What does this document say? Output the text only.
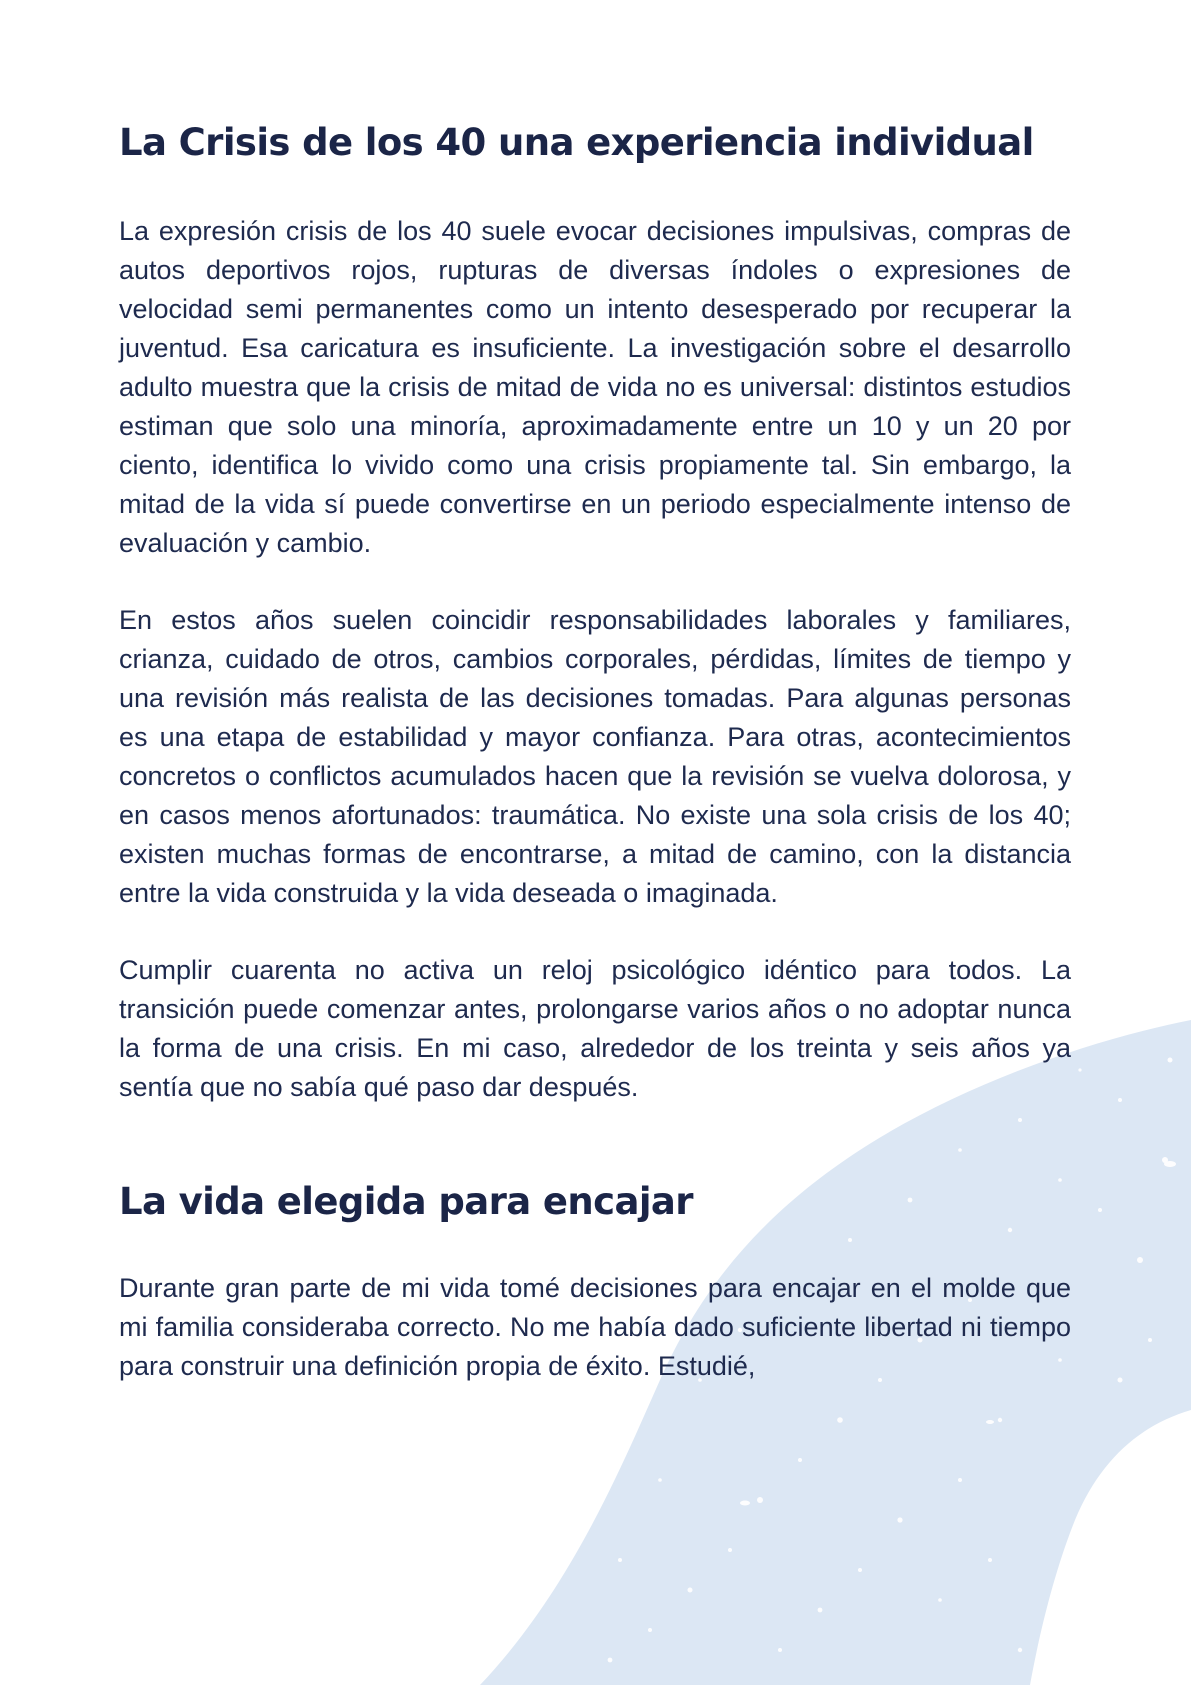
La Crisis de los 40 una experiencia individual

La expresión crisis de los 40 suele evocar decisiones impulsivas, compras de autos deportivos rojos, rupturas de diversas índoles o expresiones de velocidad semi permanentes como un intento desesperado por recuperar la juventud. Esa caricatura es insuficiente. La investigación sobre el desarrollo adulto muestra que la crisis de mitad de vida no es universal: distintos estudios estiman que solo una minoría, aproximadamente entre un 10 y un 20 por ciento, identifica lo vivido como una crisis propiamente tal. Sin embargo, la mitad de la vida sí puede convertirse en un periodo especialmente intenso de evaluación y cambio.

En estos años suelen coincidir responsabilidades laborales y familiares, crianza, cuidado de otros, cambios corporales, pérdidas, límites de tiempo y una revisión más realista de las decisiones tomadas. Para algunas personas es una etapa de estabilidad y mayor confianza. Para otras, acontecimientos concretos o conflictos acumulados hacen que la revisión se vuelva dolorosa, y en casos menos afortunados: traumática. No existe una sola crisis de los 40; existen muchas formas de encontrarse, a mitad de camino, con la distancia entre la vida construida y la vida deseada o imaginada.

Cumplir cuarenta no activa un reloj psicológico idéntico para todos. La transición puede comenzar antes, prolongarse varios años o no adoptar nunca la forma de una crisis. En mi caso, alrededor de los treinta y seis años ya sentía que no sabía qué paso dar después.

La vida elegida para encajar

Durante gran parte de mi vida tomé decisiones para encajar en el molde que mi familia consideraba correcto. No me había dado suficiente libertad ni tiempo para construir una definición propia de éxito. Estudié,
